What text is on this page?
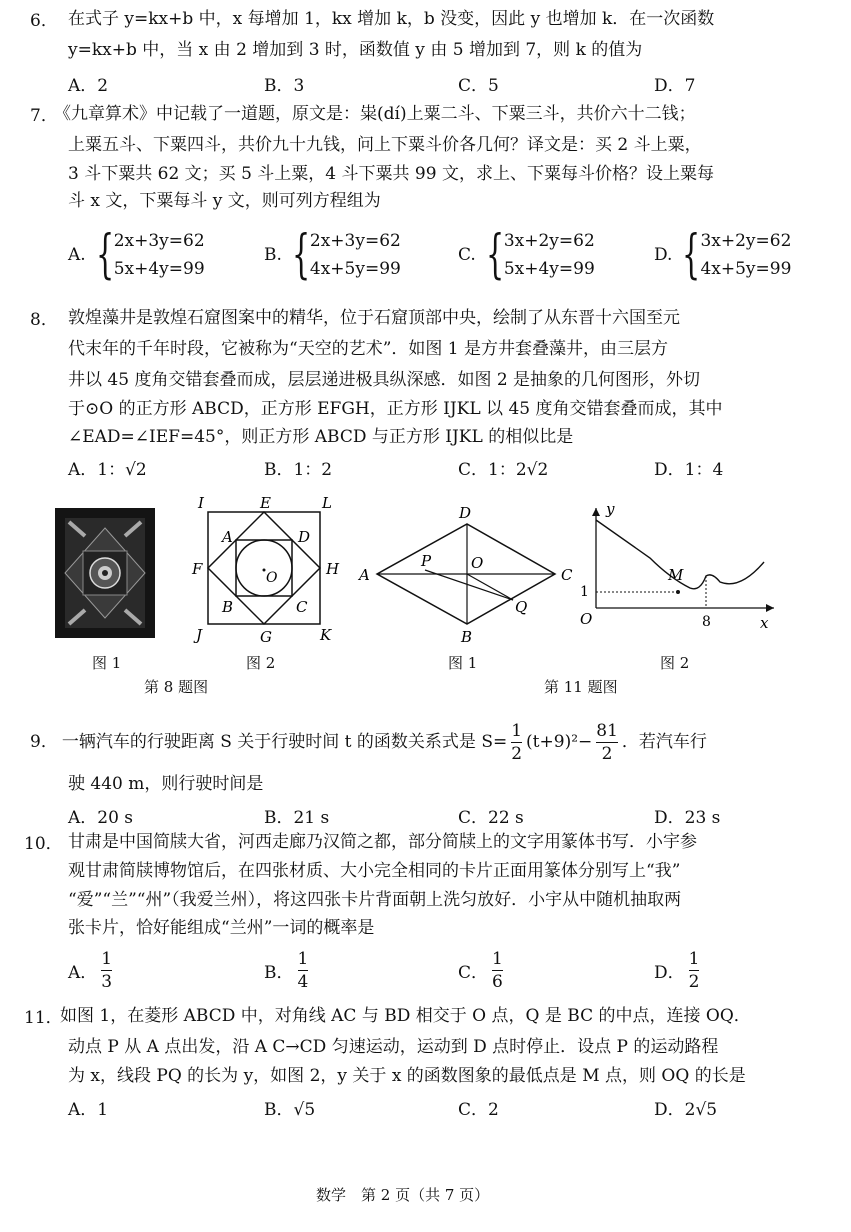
6． 在式子 y=kx+b 中，x 每增加 1，kx 增加 k，b 没变，因此 y 也增加 k．在一次函数
y=kx+b 中，当 x 由 2 增加到 3 时，函数值 y 由 5 增加到 7，则 k 的值为
A．2	B．3	C．5	D．7
7．
《九章算术》中记载了一道题，原文是：粜(dí)上粟二斗、下粟三斗，共价六十二钱；
上粟五斗、下粟四斗，共价九十九钱，问上下粟斗价各几何？译文是：买 2 斗上粟，
3 斗下粟共 62 文；买 5 斗上粟，4 斗下粟共 99 文，求上、下粟每斗价格？设上粟每
斗 x 文，下粟每斗 y 文，则可列方程组为
A. { 2x+3y=62
5x+4y=99
B. { 2x+3y=62
4x+5y=99
C. { 3x+2y=62
5x+4y=99
D. { 3x+2y=62
4x+5y=99
8． 敦煌藻井是敦煌石窟图案中的精华，位于石窟顶部中央，绘制了从东晋十六国至元
代末年的千年时段，它被称为“天空的艺术”．如图 1 是方井套叠藻井，由三层方
井以 45 度角交错套叠而成，层层递进极具纵深感．如图 2 是抽象的几何图形，外切
于⊙O 的正方形 ABCD，正方形 EFGH，正方形 IJKL 以 45 度角交错套叠而成，其中
∠EAD=∠IEF=45°，则正方形 ABCD 与正方形 IJKL 的相似比是
A．1：√2	B．1：2	C．1：2√2	D．1：4
I	E	L
A	D
F	O	H
B	C
J	G	K
图 1	图 2
第 8 题图
D
A
P	O
C
Q
B
y
M
1
O	8	x
图 1	图 2
第 11 题图
9． 一辆汽车的行驶距离 S 关于行驶时间 t 的函数关系式是 $S= \frac{1}{2} (t+9)^2- \frac{81}{2}$ ．若汽车行
驶 440 m，则行驶时间是
A．20 s	B．21 s	C．22 s	D．23 s
10． 甘肃是中国简牍大省，河西走廊乃汉简之都，部分简牍上的文字用篆体书写．小宇参
观甘肃简牍博物馆后，在四张材质、大小完全相同的卡片正面用篆体分别写上“我”
“爱”“兰”“州”（我爱兰州），将这四张卡片背面朝上洗匀放好．小宇从中随机抽取两
张卡片，恰好能组成“兰州”一词的概率是
A． $\frac{1}{3}$	B． $\frac{1}{4}$	C． $\frac{1}{6}$	D． $\frac{1}{2}$
11．
如图 1，在菱形 ABCD 中，对角线 AC 与 BD 相交于 O 点，Q 是 BC 的中点，连接 OQ．
动点 P 从 A 点出发，沿 A C→CD 匀速运动，运动到 D 点时停止．设点 P 的运动路程
为 x，线段 PQ 的长为 y，如图 2，y 关于 x 的函数图象的最低点是 M 点，则 OQ 的长是
A．1	B．√5	C．2	D．2√5
数学　第 2 页（共 7 页）
